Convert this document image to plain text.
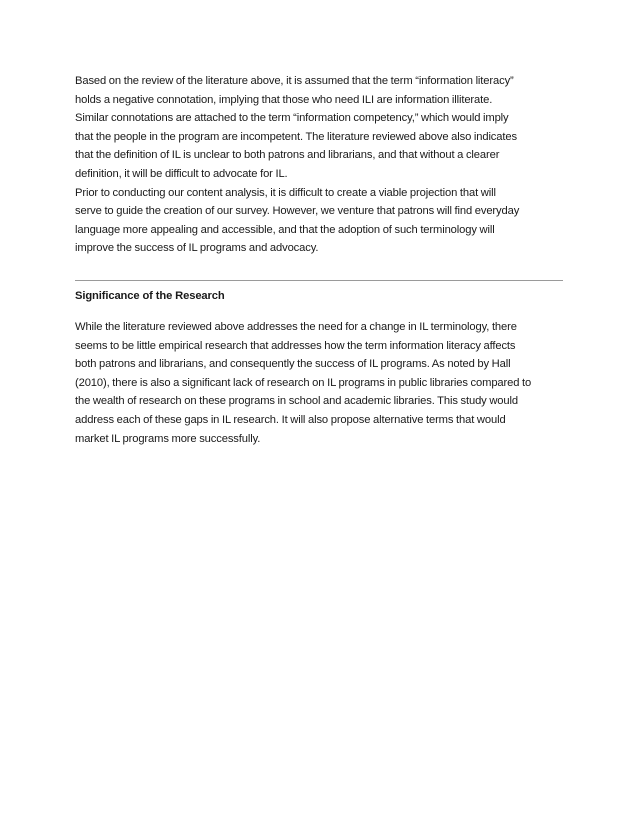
Based on the review of the literature above, it is assumed that the term “information literacy”
holds a negative connotation, implying that those who need ILI are information illiterate.
Similar connotations are attached to the term “information competency,” which would imply
that the people in the program are incompetent. The literature reviewed above also indicates
that the definition of IL is unclear to both patrons and librarians, and that without a clearer
definition, it will be difficult to advocate for IL.

Prior to conducting our content analysis, it is difficult to create a viable projection that will
serve to guide the creation of our survey. However, we venture that patrons will find everyday
language more appealing and accessible, and that the adoption of such terminology will
improve the success of IL programs and advocacy.

Significance of the Research

While the literature reviewed above addresses the need for a change in IL terminology, there
seems to be little empirical research that addresses how the term information literacy affects
both patrons and librarians, and consequently the success of IL programs. As noted by Hall
(2010), there is also a significant lack of research on IL programs in public libraries compared to
the wealth of research on these programs in school and academic libraries. This study would
address each of these gaps in IL research. It will also propose alternative terms that would
market IL programs more successfully.
